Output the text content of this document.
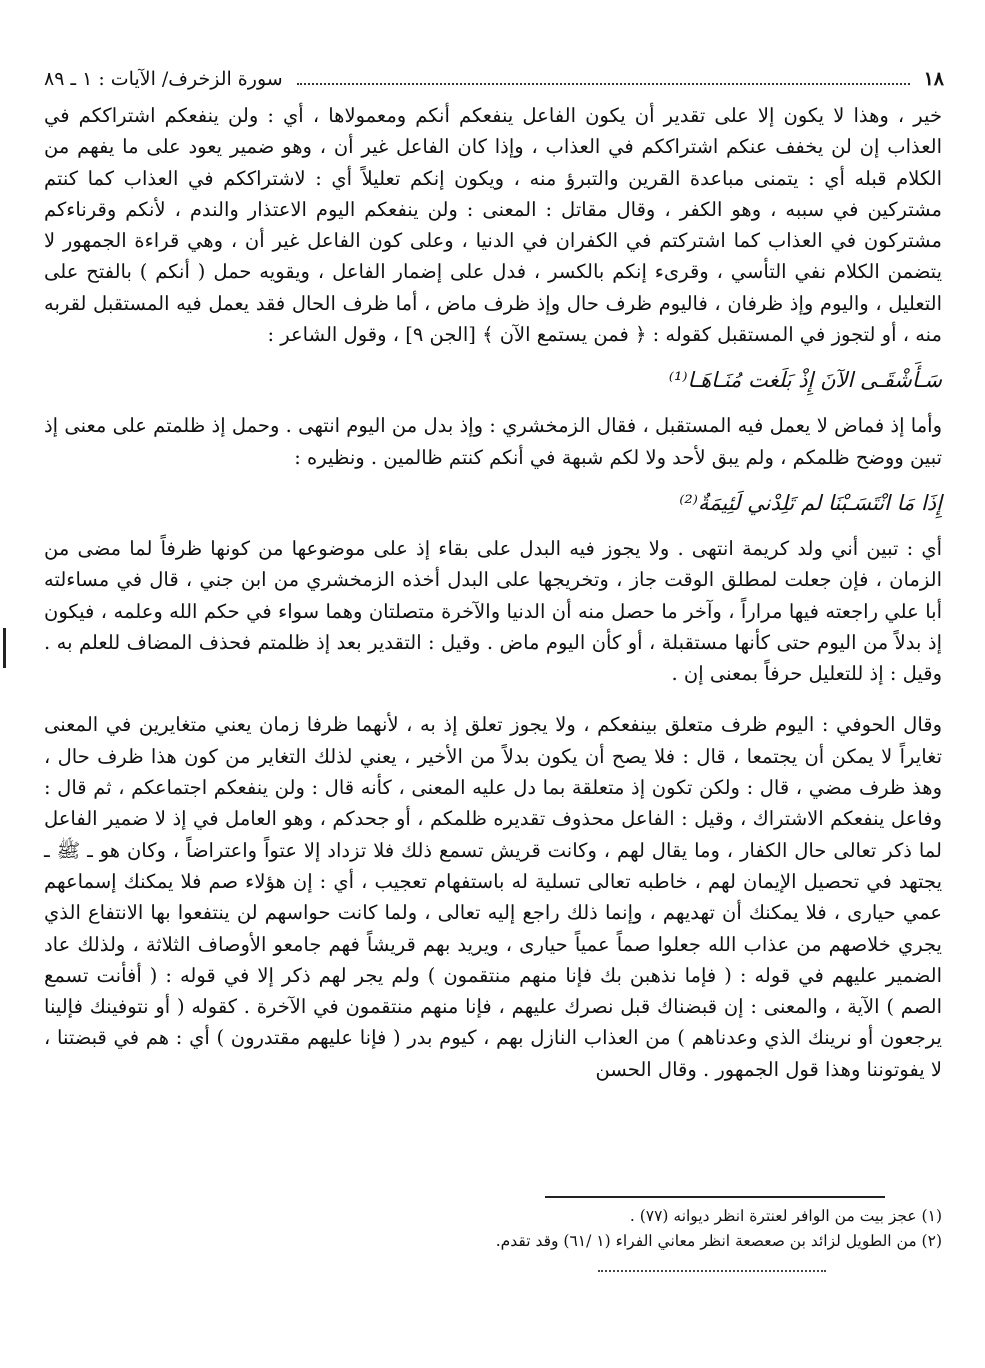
١٨
سورة الزخرف/ الآيات : ١ ـ ٨٩

خير ، وهذا لا يكون إلا على تقدير أن يكون الفاعل ينفعكم أنكم ومعمولاها ، أي : ولن ينفعكم اشتراككم في العذاب إن لن يخفف عنكم اشتراككم في العذاب ، وإذا كان الفاعل غير أن ، وهو ضمير يعود على ما يفهم من الكلام قبله أي : يتمنى مباعدة القرين والتبرؤ منه ، ويكون إنكم تعليلاً أي : لاشتراككم في العذاب كما كنتم مشتركين في سببه ، وهو الكفر ، وقال مقاتل : المعنى : ولن ينفعكم اليوم الاعتذار والندم ، لأنكم وقرناءكم مشتركون في العذاب كما اشتركتم في الكفران في الدنيا ، وعلى كون الفاعل غير أن ، وهي قراءة الجمهور لا يتضمن الكلام نفي التأسي ، وقرىء إنكم بالكسر ، فدل على إضمار الفاعل ، ويقويه حمل ( أنكم ) بالفتح على التعليل ، واليوم وإذ ظرفان ، فاليوم ظرف حال وإذ ظرف ماض ، أما ظرف الحال فقد يعمل فيه المستقبل لقربه منه ، أو لتجوز في المستقبل كقوله : ﴿ فمن يستمع الآن ﴾ [الجن ٩] ، وقول الشاعر :

سَـأَشْقَـى الآنَ إِذْ بَلَغت مُنَـاهَـا⁽¹⁾

وأما إذ فماض لا يعمل فيه المستقبل ، فقال الزمخشري : وإذ بدل من اليوم انتهى . وحمل إذ ظلمتم على معنى إذ تبين ووضح ظلمكم ، ولم يبق لأحد ولا لكم شبهة في أنكم كنتم ظالمين . ونظيره :

إِذَا مَا انْتَسَـبْنَا لم تَلِدْني لَئِيمَةٌ⁽²⁾

أي : تبين أني ولد كريمة انتهى . ولا يجوز فيه البدل على بقاء إذ على موضوعها من كونها ظرفاً لما مضى من الزمان ، فإن جعلت لمطلق الوقت جاز ، وتخريجها على البدل أخذه الزمخشري من ابن جني ، قال في مساءلته أبا علي راجعته فيها مراراً ، وآخر ما حصل منه أن الدنيا والآخرة متصلتان وهما سواء في حكم الله وعلمه ، فيكون إذ بدلاً من اليوم حتى كأنها مستقبلة ، أو كأن اليوم ماض . وقيل : التقدير بعد إذ ظلمتم فحذف المضاف للعلم به . وقيل : إذ للتعليل حرفاً بمعنى إن .

وقال الحوفي : اليوم ظرف متعلق بينفعكم ، ولا يجوز تعلق إذ به ، لأنهما ظرفا زمان يعني متغايرين في المعنى تغايراً لا يمكن أن يجتمعا ، قال : فلا يصح أن يكون بدلاً من الأخير ، يعني لذلك التغاير من كون هذا ظرف حال ، وهذ ظرف مضي ، قال : ولكن تكون إذ متعلقة بما دل عليه المعنى ، كأنه قال : ولن ينفعكم اجتماعكم ، ثم قال : وفاعل ينفعكم الاشتراك ، وقيل : الفاعل محذوف تقديره ظلمكم ، أو جحدكم ، وهو العامل في إذ لا ضمير الفاعل لما ذكر تعالى حال الكفار ، وما يقال لهم ، وكانت قريش تسمع ذلك فلا تزداد إلا عتواً واعتراضاً ، وكان هو ـ ﷺ ـ يجتهد في تحصيل الإيمان لهم ، خاطبه تعالى تسلية له باستفهام تعجيب ، أي : إن هؤلاء صم فلا يمكنك إسماعهم عمي حيارى ، فلا يمكنك أن تهديهم ، وإنما ذلك راجع إليه تعالى ، ولما كانت حواسهم لن ينتفعوا بها الانتفاع الذي يجري خلاصهم من عذاب الله جعلوا صماً عمياً حيارى ، ويريد بهم قريشاً فهم جامعو الأوصاف الثلاثة ، ولذلك عاد الضمير عليهم في قوله : ( فإما نذهبن بك فإنا منهم منتقمون ) ولم يجر لهم ذكر إلا في قوله : ( أفأنت تسمع الصم ) الآية ، والمعنى : إن قبضناك قبل نصرك عليهم ، فإنا منهم منتقمون في الآخرة . كقوله ( أو نتوفينك فإلينا يرجعون أو نرينك الذي وعدناهم ) من العذاب النازل بهم ، كيوم بدر ( فإنا عليهم مقتدرون ) أي : هم في قبضتنا ، لا يفوتوننا وهذا قول الجمهور . وقال الحسن

(١) عجز بيت من الوافر لعنترة انظر ديوانه (٧٧) .

(٢) من الطويل لزائد بن صعصعة انظر معاني الفراء (١ /٦١) وقد تقدم.
